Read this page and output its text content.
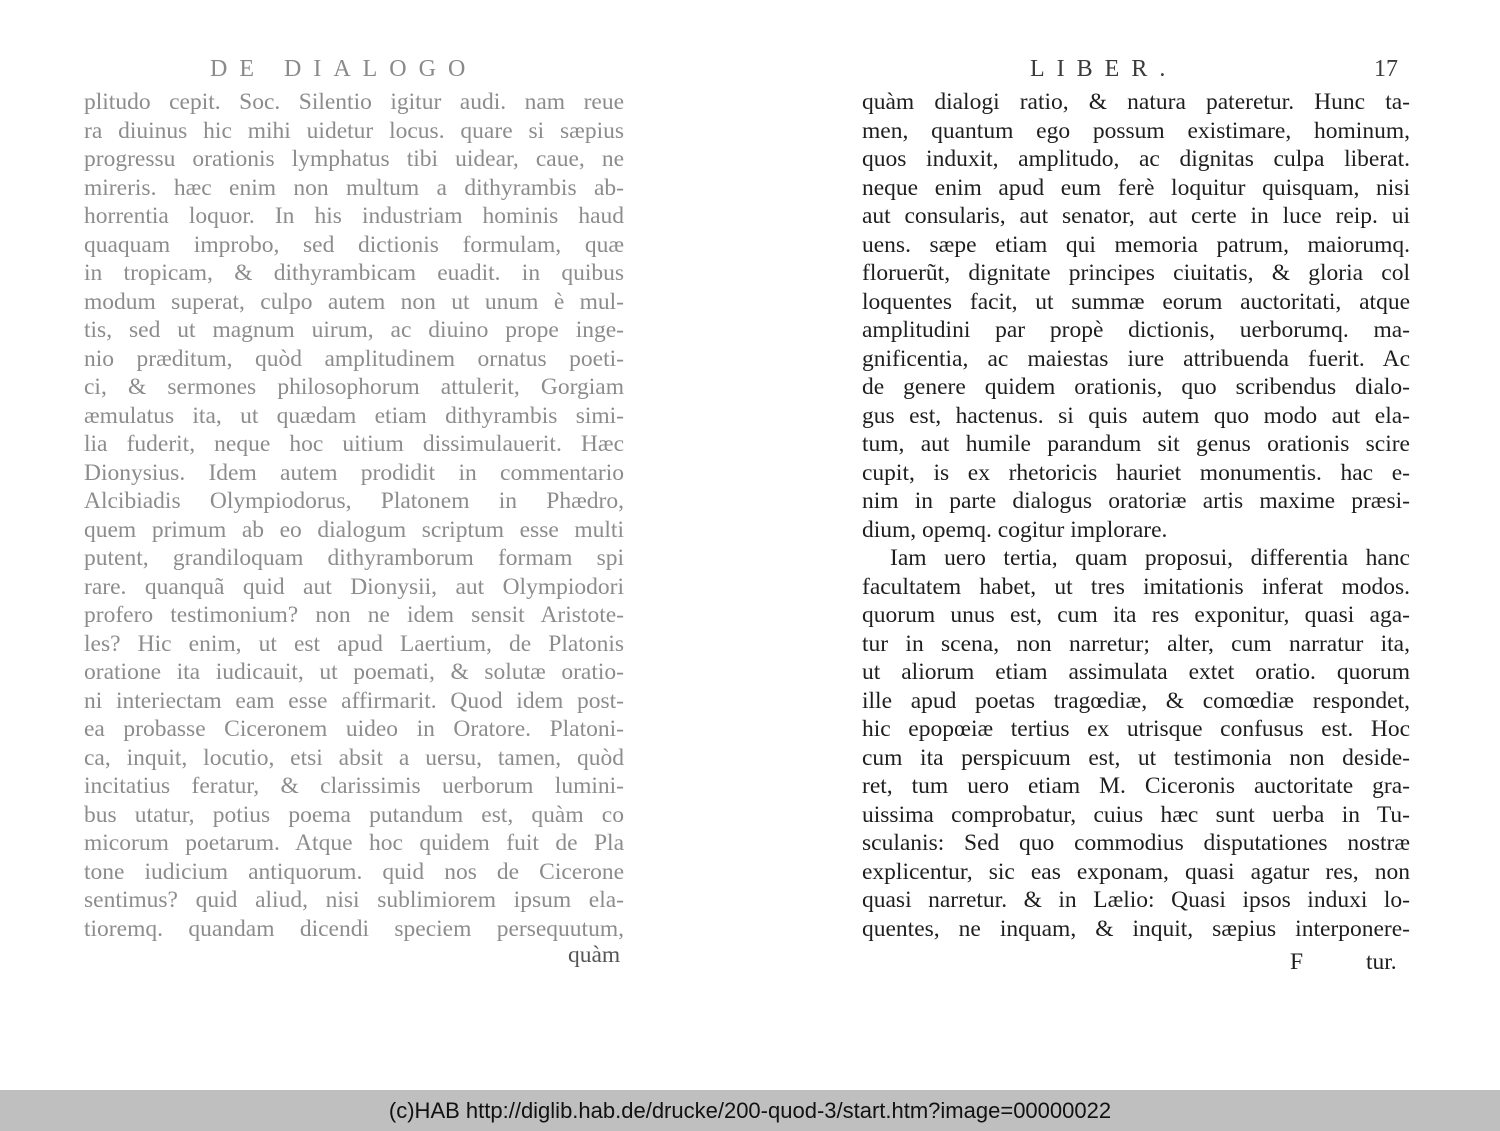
DE DIALOGO
plitudo cepit. Soc. Silentio igitur audi. nam reue
ra diuinus hic mihi uidetur locus. quare si sæpius
progressu orationis lymphatus tibi uidear, caue, ne
mireris. hæc enim non multum a dithyrambis ab-
horrentia loquor. In his industriam hominis haud
quaquam improbo, sed dictionis formulam, quæ
in tropicam, & dithyrambicam euadit. in quibus
modum superat, culpo autem non ut unum è mul-
tis, sed ut magnum uirum, ac diuino prope inge-
nio præditum, quòd amplitudinem ornatus poeti-
ci, & sermones philosophorum attulerit, Gorgiam
æmulatus ita, ut quædam etiam dithyrambis simi-
lia fuderit, neque hoc uitium dissimulauerit. Hæc
Dionysius. Idem autem prodidit in commentario
Alcibiadis Olympiodorus, Platonem in Phædro,
quem primum ab eo dialogum scriptum esse multi
putent, grandiloquam dithyramborum formam spi
rare. quanquã quid aut Dionysii, aut Olympiodori
profero testimonium? non ne idem sensit Aristote-
les? Hic enim, ut est apud Laertium, de Platonis
oratione ita iudicauit, ut poemati, & solutæ oratio-
ni interiectam eam esse affirmarit. Quod idem post-
ea probasse Ciceronem uideo in Oratore. Platoni-
ca, inquit, locutio, etsi absit a uersu, tamen, quòd
incitatius feratur, & clarissimis uerborum lumini-
bus utatur, potius poema putandum est, quàm co
micorum poetarum. Atque hoc quidem fuit de Pla
tone iudicium antiquorum. quid nos de Cicerone
sentimus? quid aliud, nisi sublimiorem ipsum ela-
tioremq. quandam dicendi speciem persequutum,
quàm
LIBER.	17
quàm dialogi ratio, & natura pateretur. Hunc ta-
men, quantum ego possum existimare, hominum,
quos induxit, amplitudo, ac dignitas culpa liberat.
neque enim apud eum ferè loquitur quisquam, nisi
aut consularis, aut senator, aut certe in luce reip. ui
uens. sæpe etiam qui memoria patrum, maiorumq.
floruerũt, dignitate principes ciuitatis, & gloria col
loquentes facit, ut summæ eorum auctoritati, atque
amplitudini par propè dictionis, uerborumq. ma-
gnificentia, ac maiestas iure attribuenda fuerit. Ac
de genere quidem orationis, quo scribendus dialo-
gus est, hactenus. si quis autem quo modo aut ela-
tum, aut humile parandum sit genus orationis scire
cupit, is ex rhetoricis hauriet monumentis. hac e-
nim in parte dialogus oratoriæ artis maxime præsi-
dium, opemq. cogitur implorare.
Iam uero tertia, quam proposui, differentia hanc
facultatem habet, ut tres imitationis inferat modos.
quorum unus est, cum ita res exponitur, quasi aga-
tur in scena, non narretur; alter, cum narratur ita,
ut aliorum etiam assimulata extet oratio. quorum
ille apud poetas tragœdiæ, & comœdiæ respondet,
hic epopœiæ tertius ex utrisque confusus est. Hoc
cum ita perspicuum est, ut testimonia non deside-
ret, tum uero etiam M. Ciceronis auctoritate gra-
uissima comprobatur, cuius hæc sunt uerba in Tu-
sculanis: Sed quo commodius disputationes nostræ
explicentur, sic eas exponam, quasi agatur res, non
quasi narretur. & in Lælio: Quasi ipsos induxi lo-
quentes, ne inquam, & inquit, sæpius interponere-
F	tur.
(c)HAB http://diglib.hab.de/drucke/200-quod-3/start.htm?image=00000022
